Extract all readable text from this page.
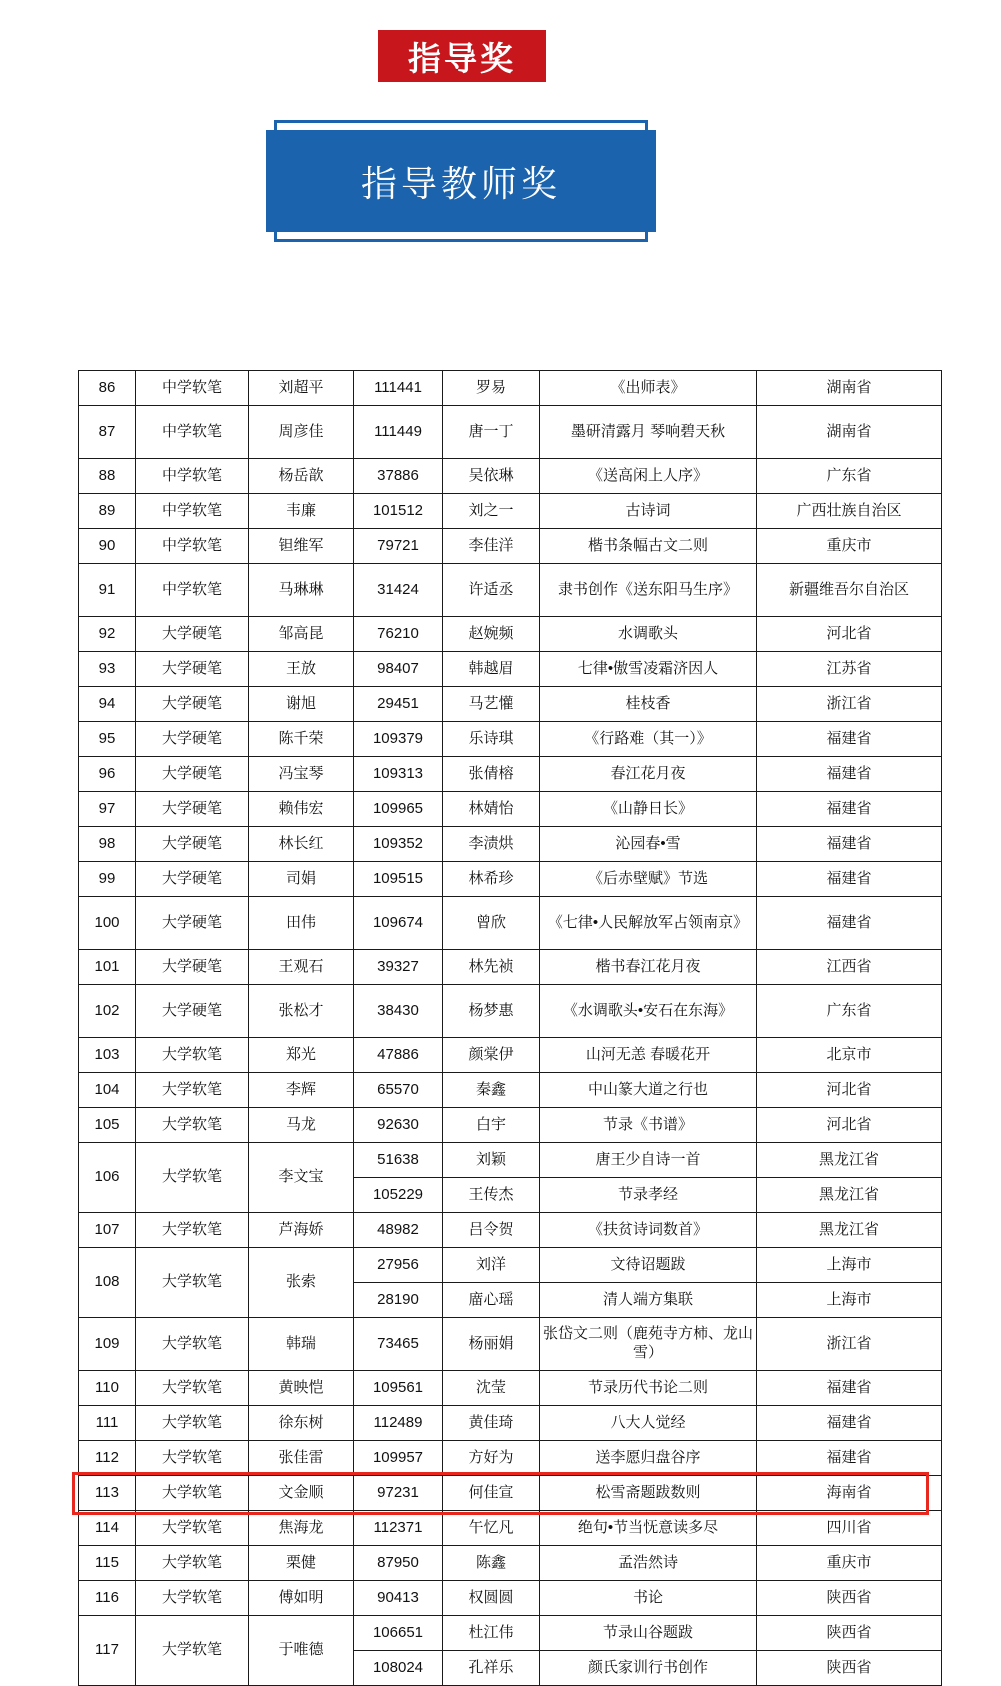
指导奖
指导教师奖
86	中学软笔	刘超平	111441	罗易	《出师表》	湖南省
87	中学软笔	周彦佳	111449	唐一丁	墨研清露月 琴响碧天秋	湖南省
88	中学软笔	杨岳歆	37886	吴依琳	《送高闲上人序》	广东省
89	中学软笔	韦廉	101512	刘之一	古诗词	广西壮族自治区
90	中学软笔	钽维军	79721	李佳洋	楷书条幅古文二则	重庆市
91	中学软笔	马琳琳	31424	许适丞	隶书创作《送东阳马生序》	新疆维吾尔自治区
92	大学硬笔	邹高昆	76210	赵婉频	水调歌头	河北省
93	大学硬笔	王放	98407	韩越眉	七律•傲雪凌霜济因人	江苏省
94	大学硬笔	谢旭	29451	马艺懽	桂枝香	浙江省
95	大学硬笔	陈千荣	109379	乐诗琪	《行路难（其一）》	福建省
96	大学硬笔	冯宝琴	109313	张倩榕	春江花月夜	福建省
97	大学硬笔	赖伟宏	109965	林婧怡	《山静日长》	福建省
98	大学硬笔	林长红	109352	李渍烘	沁园春•雪	福建省
99	大学硬笔	司娟	109515	林希珍	《后赤壁赋》节选	福建省
100	大学硬笔	田伟	109674	曾欣	《七律•人民解放军占领南京》	福建省
101	大学硬笔	王观石	39327	林先祯	楷书春江花月夜	江西省
102	大学硬笔	张松才	38430	杨梦惠	《水调歌头•安石在东海》	广东省
103	大学软笔	郑光	47886	颜棠伊	山河无恙 春暖花开	北京市
104	大学软笔	李辉	65570	秦鑫	中山篆大道之行也	河北省
105	大学软笔	马龙	92630	白宇	节录《书谱》	河北省
106	大学软笔	李文宝	51638	刘颖	唐王少自诗一首	黑龙江省
			105229	王传杰	节录孝经	黑龙江省
107	大学软笔	芦海娇	48982	吕令贺	《扶贫诗词数首》	黑龙江省
108	大学软笔	张索	27956	刘洋	文待诏题跋	上海市
			28190	庿心瑶	清人端方集联	上海市
109	大学软笔	韩瑞	73465	杨丽娟	张岱文二则（鹿苑寺方柿、龙山雪）	浙江省
110	大学软笔	黄映恺	109561	沈莹	节录历代书论二则	福建省
111	大学软笔	徐东树	112489	黄佳琦	八大人觉经	福建省
112	大学软笔	张佳雷	109957	方好为	送李愿归盘谷序	福建省
113	大学软笔	文金顺	97231	何佳宣	松雪斋题跋数则	海南省
114	大学软笔	焦海龙	112371	午忆凡	绝句•节当怃意读多尽	四川省
115	大学软笔	栗健	87950	陈鑫	孟浩然诗	重庆市
116	大学软笔	傅如明	90413	权圆圆	书论	陕西省
117	大学软笔	于唯德	106651	杜江伟	节录山谷题跋	陕西省
			108024	孔祥乐	颜氏家训行书创作	陕西省
